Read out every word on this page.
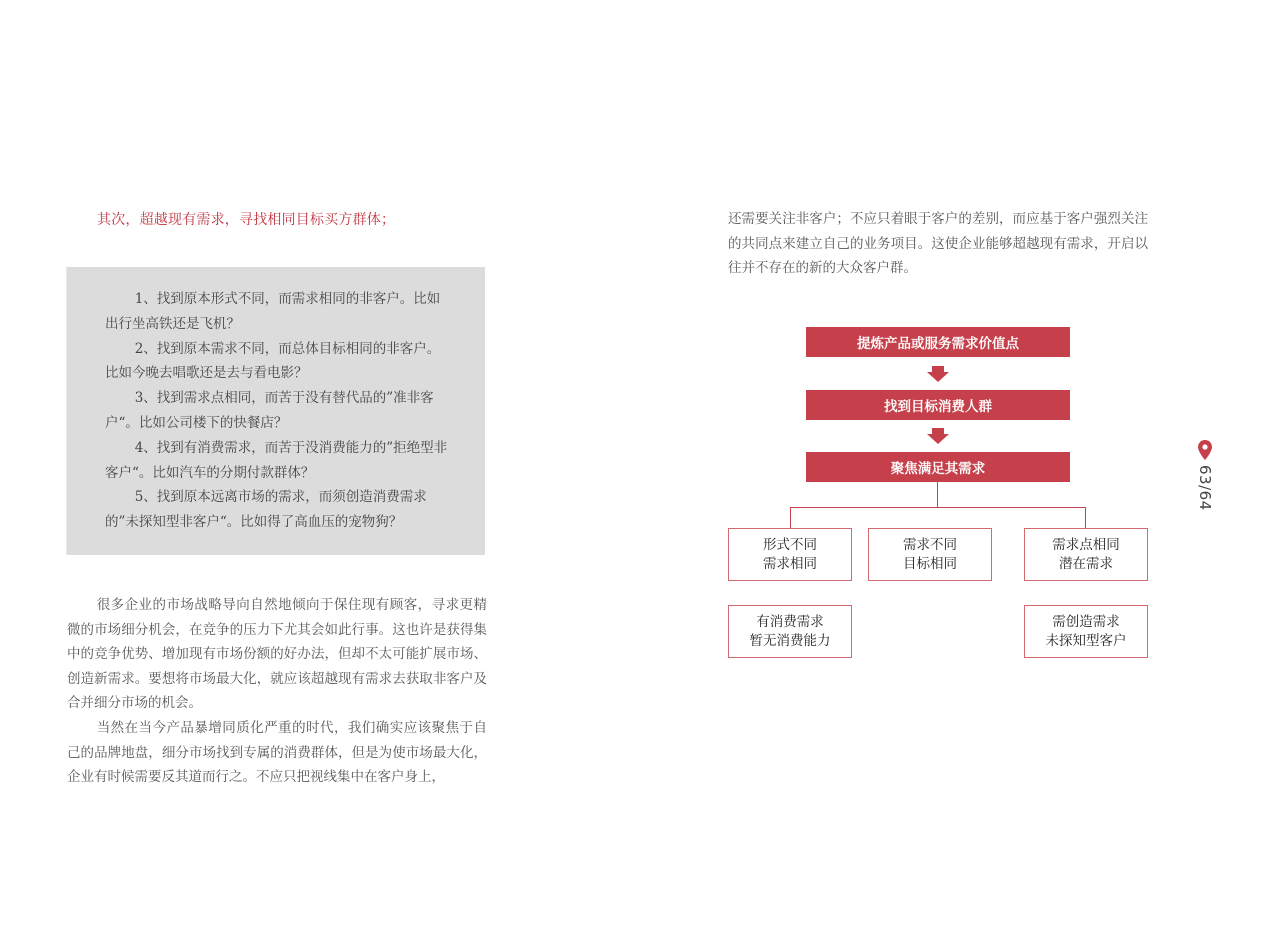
其次，超越现有需求，寻找相同目标买方群体；

1、找到原本形式不同，而需求相同的非客户。比如出行坐高铁还是飞机？

2、找到原本需求不同，而总体目标相同的非客户。比如今晚去唱歌还是去与看电影？

3、找到需求点相同，而苦于没有替代品的”准非客户“。比如公司楼下的快餐店？

4、找到有消费需求，而苦于没消费能力的”拒绝型非客户“。比如汽车的分期付款群体？

5、找到原本远离市场的需求，而须创造消费需求的”未探知型非客户“。比如得了高血压的宠物狗？

很多企业的市场战略导向自然地倾向于保住现有顾客，寻求更精微的市场细分机会，在竞争的压力下尤其会如此行事。这也许是获得集中的竞争优势、增加现有市场份额的好办法，但却不太可能扩展市场、创造新需求。要想将市场最大化，就应该超越现有需求去获取非客户及合并细分市场的机会。

当然在当今产品暴增同质化严重的时代，我们确实应该聚焦于自己的品牌地盘，细分市场找到专属的消费群体，但是为使市场最大化，企业有时候需要反其道而行之。不应只把视线集中在客户身上，

还需要关注非客户；不应只着眼于客户的差别，而应基于客户强烈关注的共同点来建立自己的业务项目。这使企业能够超越现有需求，开启以往并不存在的新的大众客户群。

提炼产品或服务需求价值点
找到目标消费人群
聚焦满足其需求
形式不同
需求相同
需求不同
目标相同
需求点相同
潜在需求
有消费需求
暂无消费能力
需创造需求
未探知型客户
63/64
